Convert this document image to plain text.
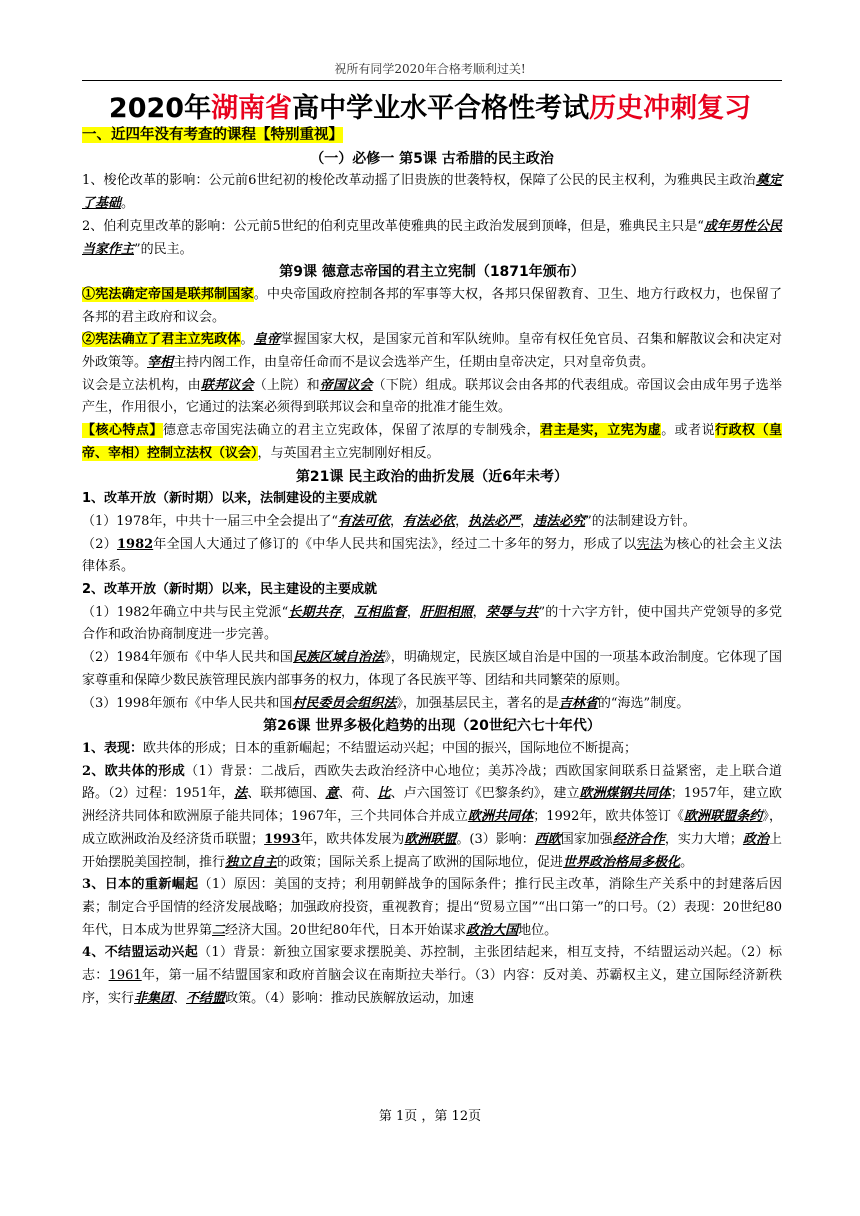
祝所有同学2020年合格考顺利过关!
2020年湖南省高中学业水平合格性考试历史冲刺复习

一、近四年没有考查的课程【特别重视】

（一）必修一 第5课 古希腊的民主政治

1、梭伦改革的影响：公元前6世纪初的梭伦改革动摇了旧贵族的世袭特权，保障了公民的民主权利，为雅典民主政治奠定了基础。

2、伯利克里改革的影响：公元前5世纪的伯利克里改革使雅典的民主政治发展到顶峰，但是，雅典民主只是“成年男性公民当家作主”的民主。

第9课 德意志帝国的君主立宪制（1871年颁布）

①宪法确定帝国是联邦制国家。中央帝国政府控制各邦的军事等大权，各邦只保留教育、卫生、地方行政权力，也保留了各邦的君主政府和议会。

②宪法确立了君主立宪政体。皇帝掌握国家大权，是国家元首和军队统帅。皇帝有权任免官员、召集和解散议会和决定对外政策等。宰相主持内阁工作，由皇帝任命而不是议会选举产生，任期由皇帝决定，只对皇帝负责。

议会是立法机构，由联邦议会（上院）和帝国议会（下院）组成。联邦议会由各邦的代表组成。帝国议会由成年男子选举产生，作用很小，它通过的法案必须得到联邦议会和皇帝的批准才能生效。

【核心特点】德意志帝国宪法确立的君主立宪政体，保留了浓厚的专制残余，君主是实，立宪为虚。或者说行政权（皇帝、宰相）控制立法权（议会），与英国君主立宪制刚好相反。

第21课 民主政治的曲折发展（近6年未考）

1、改革开放（新时期）以来，法制建设的主要成就

（1）1978年，中共十一届三中全会提出了“有法可依，有法必依，执法必严，违法必究”的法制建设方针。

（2）1982年全国人大通过了修订的《中华人民共和国宪法》，经过二十多年的努力，形成了以宪法为核心的社会主义法律体系。

2、改革开放（新时期）以来，民主建设的主要成就

（1）1982年确立中共与民主党派“长期共存，互相监督，肝胆相照，荣辱与共”的十六字方针，使中国共产党领导的多党合作和政治协商制度进一步完善。

（2）1984年颁布《中华人民共和国民族区域自治法》，明确规定，民族区域自治是中国的一项基本政治制度。它体现了国家尊重和保障少数民族管理民族内部事务的权力，体现了各民族平等、团结和共同繁荣的原则。

（3）1998年颁布《中华人民共和国村民委员会组织法》，加强基层民主，著名的是吉林省的“海选”制度。

第26课 世界多极化趋势的出现（20世纪六七十年代）

1、表现：欧共体的形成；日本的重新崛起；不结盟运动兴起；中国的振兴，国际地位不断提高；

2、欧共体的形成（1）背景：二战后，西欧失去政治经济中心地位；美苏冷战；西欧国家间联系日益紧密，走上联合道路。（2）过程：1951年，法、联邦德国、意、荷、比、卢六国签订《巴黎条约》，建立欧洲煤钢共同体；1957年，建立欧洲经济共同体和欧洲原子能共同体；1967年，三个共同体合并成立欧洲共同体；1992年，欧共体签订《欧洲联盟条约》，成立欧洲政治及经济货币联盟；1993年，欧共体发展为欧洲联盟。(3）影响：西欧国家加强经济合作，实力大增；政治上开始摆脱美国控制，推行独立自主的政策；国际关系上提高了欧洲的国际地位，促进世界政治格局多极化。

3、日本的重新崛起（1）原因：美国的支持；利用朝鲜战争的国际条件；推行民主改革，消除生产关系中的封建落后因素；制定合乎国情的经济发展战略；加强政府投资，重视教育；提出“贸易立国”“出口第一”的口号。（2）表现：20世纪80年代，日本成为世界第二经济大国。20世纪80年代，日本开始谋求政治大国地位。

4、不结盟运动兴起（1）背景：新独立国家要求摆脱美、苏控制，主张团结起来，相互支持，不结盟运动兴起。（2）标志：1961年，第一届不结盟国家和政府首脑会议在南斯拉夫举行。（3）内容：反对美、苏霸权主义，建立国际经济新秩序，实行非集团、不结盟政策。（4）影响：推动民族解放运动，加速

第 1页 ，第 12页
